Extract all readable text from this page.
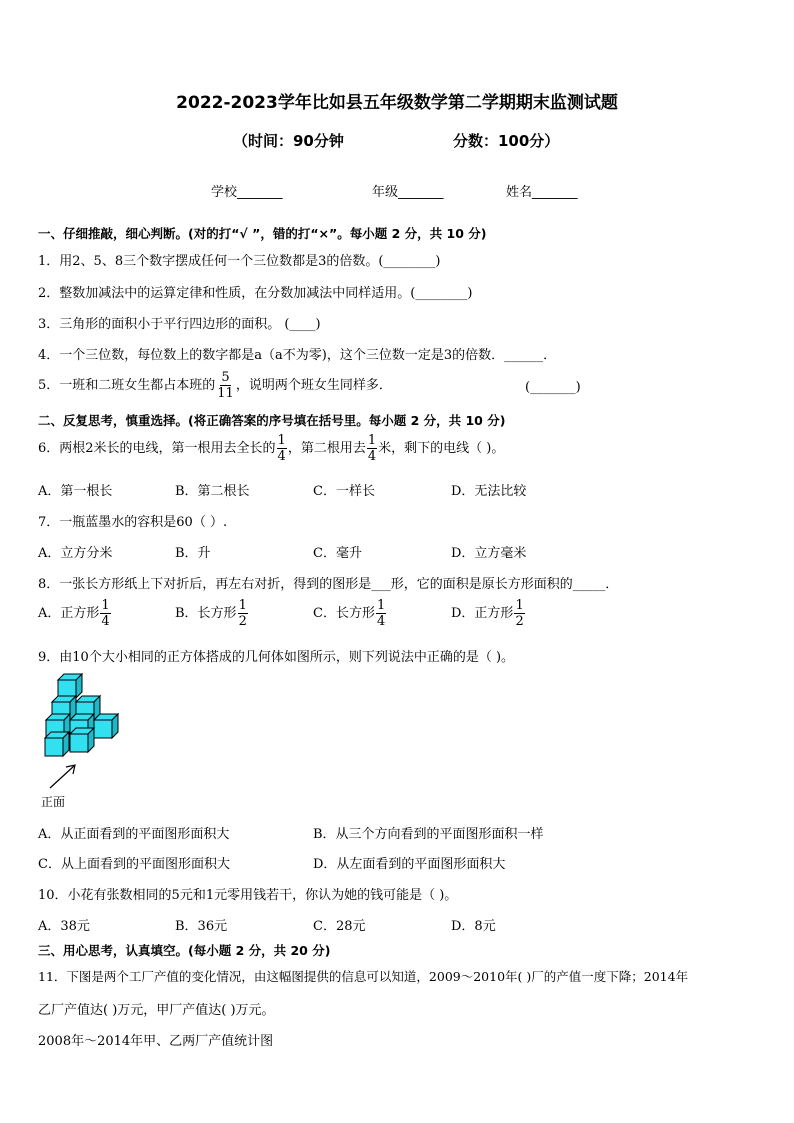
2022-2023学年比如县五年级数学第二学期期末监测试题
（时间：90分钟	分数：100分）
学校_______	年级_______	姓名_______
一、仔细推敲，细心判断。(对的打“√ ”，错的打“×”。每小题 2 分，共 10 分)
1．用2、5、8三个数字摆成任何一个三位数都是3的倍数。(________)
2．整数加减法中的运算定律和性质，在分数加减法中同样适用。(________)
3．三角形的面积小于平行四边形的面积。 (____)
4．一个三位数，每位数上的数字都是a（a不为零)，这个三位数一定是3的倍数．______．
5．一班和二班女生都占本班的 $\frac{5}{11}$ ，说明两个班女生同样多．	(_______)
二、反复思考，慎重选择。(将正确答案的序号填在括号里。每小题 2 分，共 10 分)
6．两根2米长的电线，第一根用去全长的 $\frac{1}{4}$ ，第二根用去 $\frac{1}{4}$ 米，剩下的电线（ )。
A．第一根长	B．第二根长	C．一样长	D．无法比较
7．一瓶蓝墨水的容积是60（ ）.
A．立方分米	B．升	C．毫升	D．立方毫米
8．一张长方形纸上下对折后，再左右对折，得到的图形是___形，它的面积是原长方形面积的_____．
A．正方形 $\frac{1}{4}$	B．长方形 $\frac{1}{2}$	C．长方形 $\frac{1}{4}$	D．正方形 $\frac{1}{2}$
9．由10个大小相同的正方体搭成的几何体如图所示，则下列说法中正确的是（ )。
正面
A．从正面看到的平面图形面积大	B．从三个方向看到的平面图形面积一样
C．从上面看到的平面图形面积大	D．从左面看到的平面图形面积大
10．小花有张数相同的5元和1元零用钱若干，你认为她的钱可能是（ )。
A．38元	B．36元	C．28元	D．8元
三、用心思考，认真填空。(每小题 2 分，共 20 分)
11．下图是两个工厂产值的变化情况，由这幅图提供的信息可以知道，2009～2010年( )厂的产值一度下降；2014年
乙厂产值达( )万元，甲厂产值达( )万元。
2008年～2014年甲、乙两厂产值统计图
